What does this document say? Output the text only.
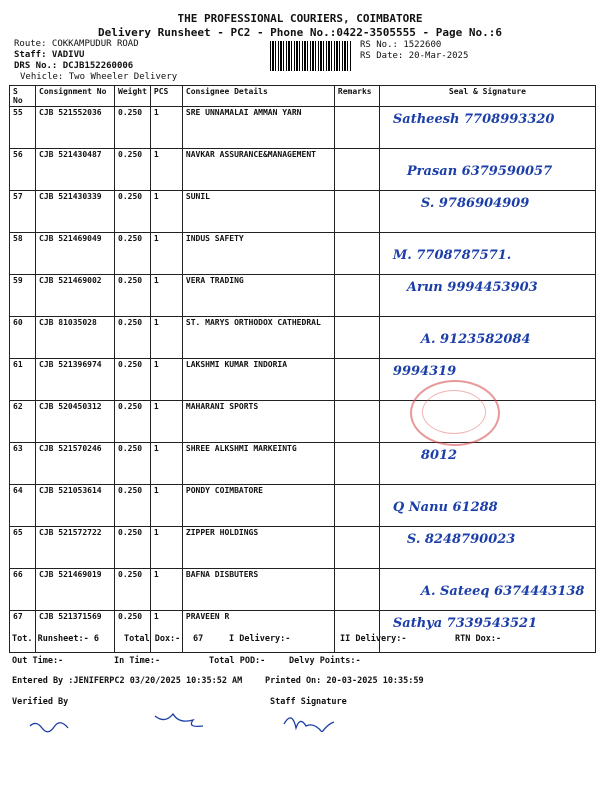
THE PROFESSIONAL COURIERS, COIMBATORE
Delivery Runsheet - PC2 - Phone No.:0422-3505555 - Page No.:6
Route: COKKAMPUDUR ROAD
Staff: VADIVU
DRS No.: DCJB152260006
Vehicle: Two Wheeler Delivery
RS No.: 1522600
RS Date: 20-Mar-2025
S No	Consignment No	Weight	PCS	Consignee Details	Remarks	Seal & Signature
55	CJB 521552036	0.250	1	SRE UNNAMALAI AMMAN YARN		Satheesh 7708993320
56	CJB 521430487	0.250	1	NAVKAR ASSURANCE&MANAGEMENT		Prasan 6379590057
57	CJB 521430339	0.250	1	SUNIL		S. 9786904909
58	CJB 521469049	0.250	1	INDUS SAFETY		M. 7708787571.
59	CJB 521469002	0.250	1	VERA TRADING		Arun 9994453903
60	CJB 81035028	0.250	1	ST. MARYS ORTHODOX CATHEDRAL		A. 9123582084
61	CJB 521396974	0.250	1	LAKSHMI KUMAR INDORIA		9994319
62	CJB 520450312	0.250	1	MAHARANI SPORTS		
63	CJB 521570246	0.250	1	SHREE ALKSHMI MARKEINTG		8012
64	CJB 521053614	0.250	1	PONDY COIMBATORE		Q Nanu 61288
65	CJB 521572722	0.250	1	ZIPPER HOLDINGS		S. 8248790023
66	CJB 521469019	0.250	1	BAFNA DISBUTERS		A. Sateeq 6374443138
67	CJB 521371569	0.250	1	PRAVEEN R		Sathya 7339543521
Tot. Runsheet:- 6	Total Dox:- 67	I Delivery:-	II Delivery:-	RTN Dox:-
Out Time:-	In Time:-	Total POD:-	Delvy Points:-
Entered By :JENIFERPC2 03/20/2025 10:35:52 AM	Printed On: 20-03-2025 10:35:59
Verified By	Staff Signature
